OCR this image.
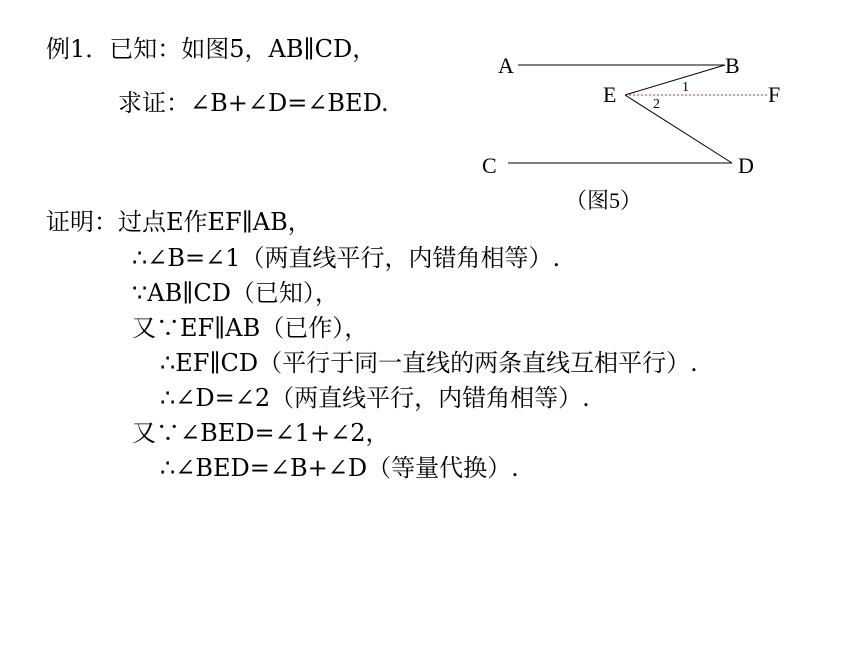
例1．已知：如图5，AB∥CD，
求证：∠B+∠D=∠BED.
A	B
E	F
C	D
1
2
（图5）
证明：过点E作EF∥AB，
∴∠B=∠1（两直线平行，内错角相等）.
∵AB∥CD（已知），
又∵EF∥AB（已作），
∴EF∥CD（平行于同一直线的两条直线互相平行）.
∴∠D=∠2（两直线平行，内错角相等）.
又∵∠BED=∠1+∠2，
∴∠BED=∠B+∠D（等量代换）.
